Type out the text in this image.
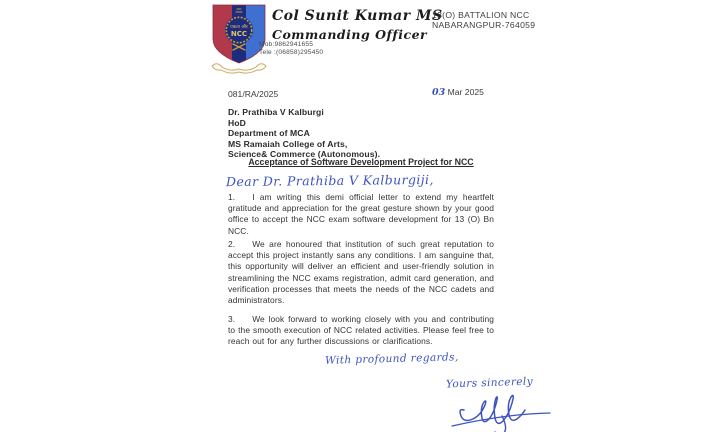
एकता और
NCC
Col Sunit Kumar MS
Commanding Officer
Mob:9862941655
Tele :(06858)295450
13(O) BATTALION NCC
NABARANGPUR-764059
081/RA/2025	03 Mar 2025
Dr. Prathiba V Kalburgi
HoD
Department of MCA
MS Ramaiah College of Arts,
Science& Commerce (Autonomous).
Acceptance of Software Development Project for NCC
Dear Dr. Prathiba V Kalburgiji,

1. I am writing this demi official letter to extend my heartfelt gratitude and appreciation for the great gesture shown by your good office to accept the NCC exam software development for 13 (O) Bn NCC.

2. We are honoured that institution of such great reputation to accept this project instantly sans any conditions. I am sanguine that, this opportunity will deliver an efficient and user-friendly solution in streamlining the NCC exams registration, admit card generation, and verification processes that meets the needs of the NCC cadets and administrators.

3. We look forward to working closely with you and contributing to the smooth execution of NCC related activities. Please feel free to reach out for any further discussions or clarifications.

With profound regards,
Yours sincerely
